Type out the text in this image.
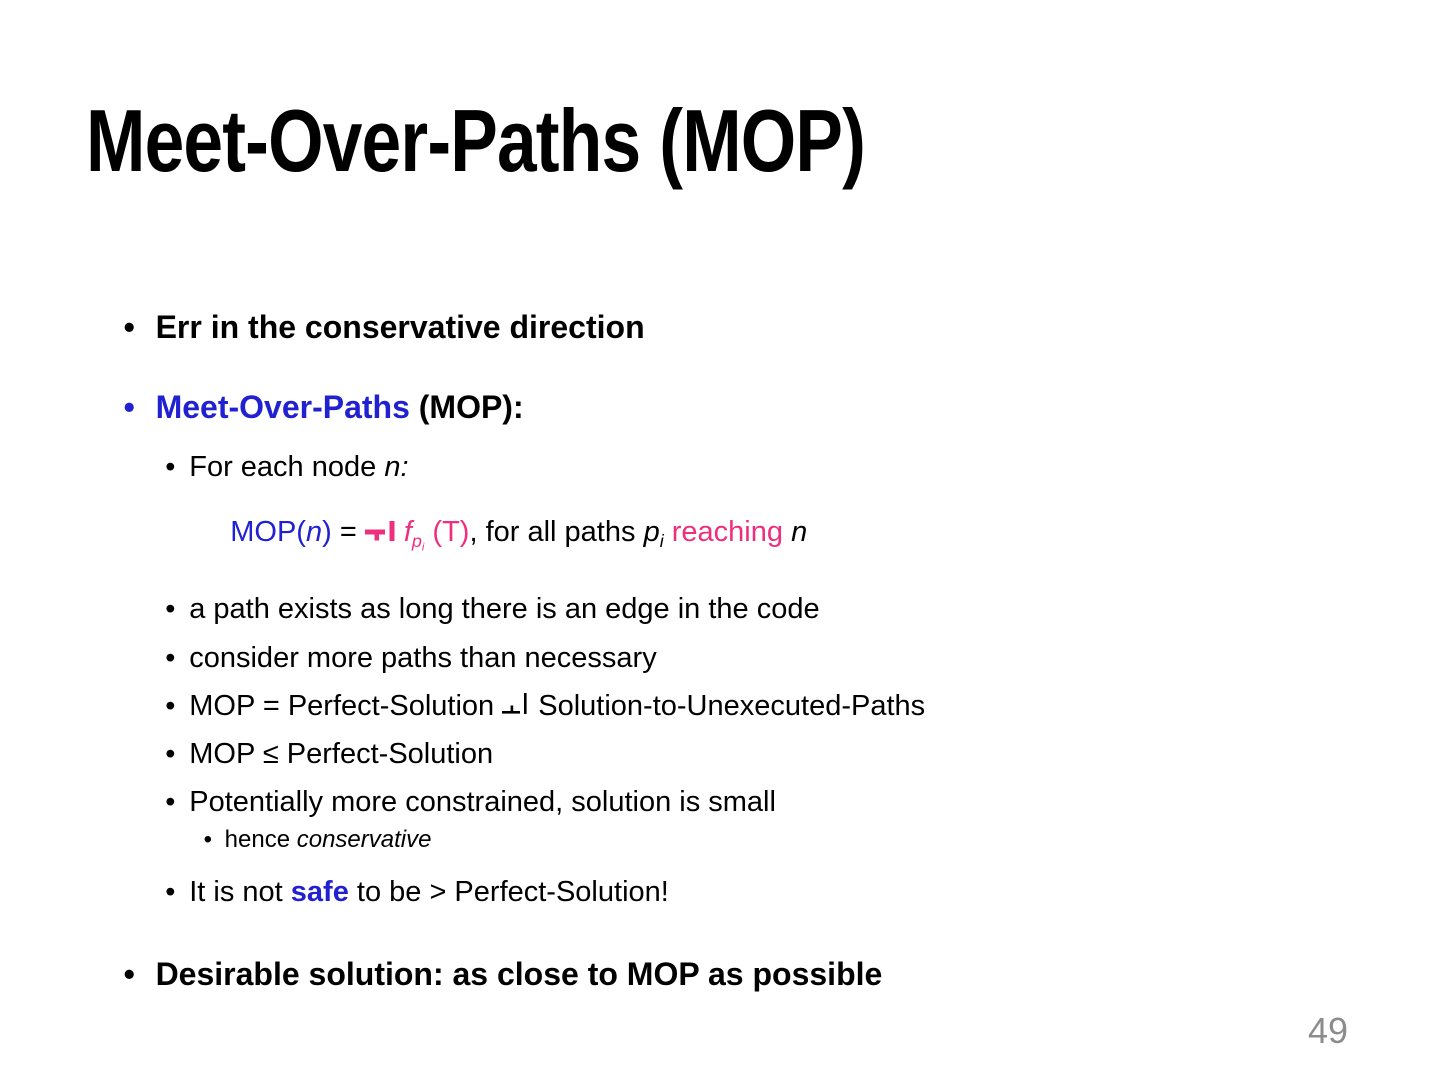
Meet-Over-Paths (MOP)

• Err in the conservative direction

• Meet-Over-Paths (MOP):

• For each node n:

MOP(n) = fpi (T), for all paths pi reaching n

• a path exists as long there is an edge in the code

• consider more paths than necessary

• MOP = Perfect-Solution  Solution-to-Unexecuted-Paths

• MOP ≤ Perfect-Solution

• Potentially more constrained, solution is small

• hence conservative

• It is not safe to be > Perfect-Solution!

• Desirable solution: as close to MOP as possible

49
